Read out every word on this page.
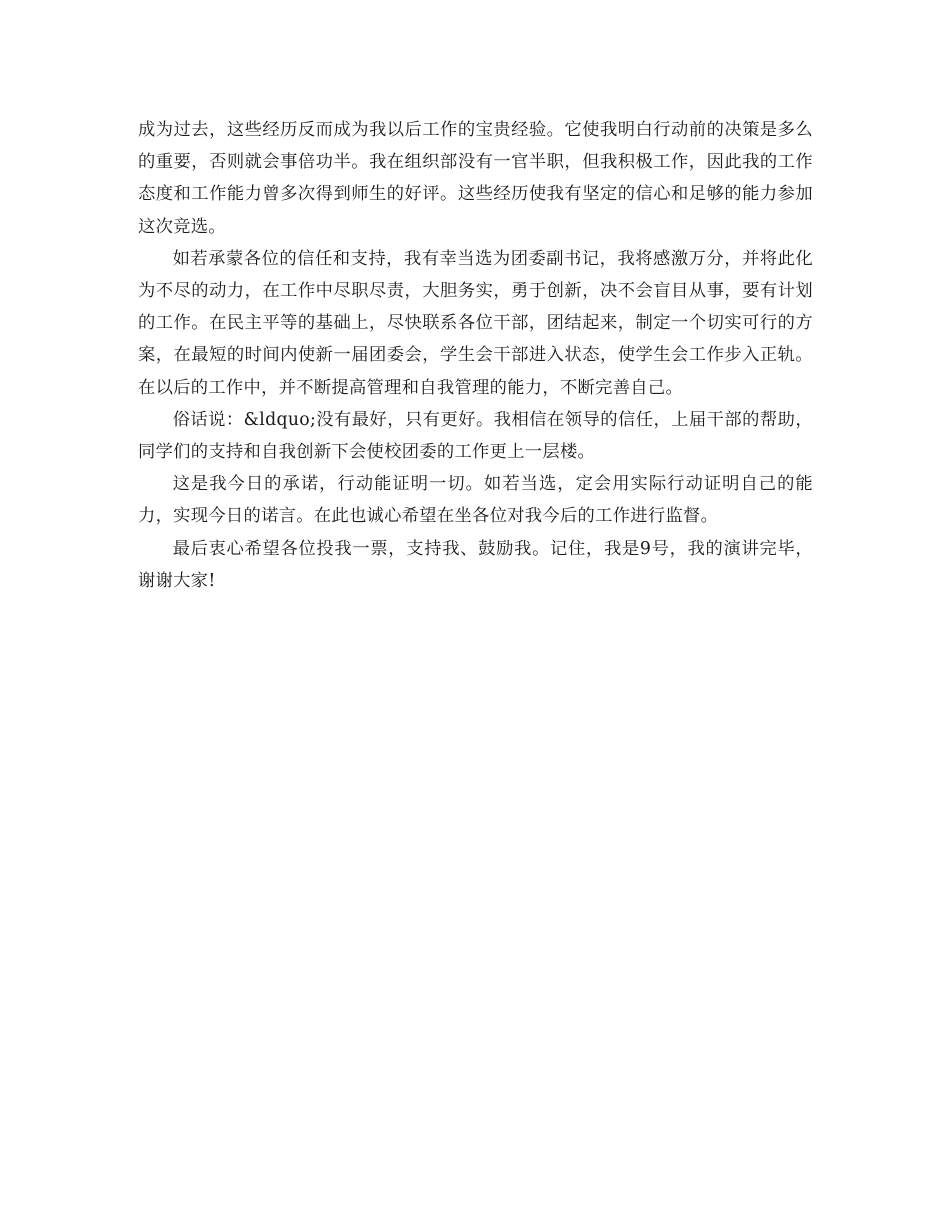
成为过去，这些经历反而成为我以后工作的宝贵经验。它使我明白行动前的决策是多么的重要，否则就会事倍功半。我在组织部没有一官半职，但我积极工作，因此我的工作态度和工作能力曾多次得到师生的好评。这些经历使我有坚定的信心和足够的能力参加这次竞选。

如若承蒙各位的信任和支持，我有幸当选为团委副书记，我将感激万分，并将此化为不尽的动力，在工作中尽职尽责，大胆务实，勇于创新，决不会盲目从事，要有计划的工作。在民主平等的基础上，尽快联系各位干部，团结起来，制定一个切实可行的方案，在最短的时间内使新一届团委会，学生会干部进入状态，使学生会工作步入正轨。在以后的工作中，并不断提高管理和自我管理的能力，不断完善自己。

俗话说：&ldquo;没有最好，只有更好。我相信在领导的信任，上届干部的帮助，同学们的支持和自我创新下会使校团委的工作更上一层楼。

这是我今日的承诺，行动能证明一切。如若当选，定会用实际行动证明自己的能力，实现今日的诺言。在此也诚心希望在坐各位对我今后的工作进行监督。

最后衷心希望各位投我一票，支持我、鼓励我。记住，我是9号，我的演讲完毕，谢谢大家!
